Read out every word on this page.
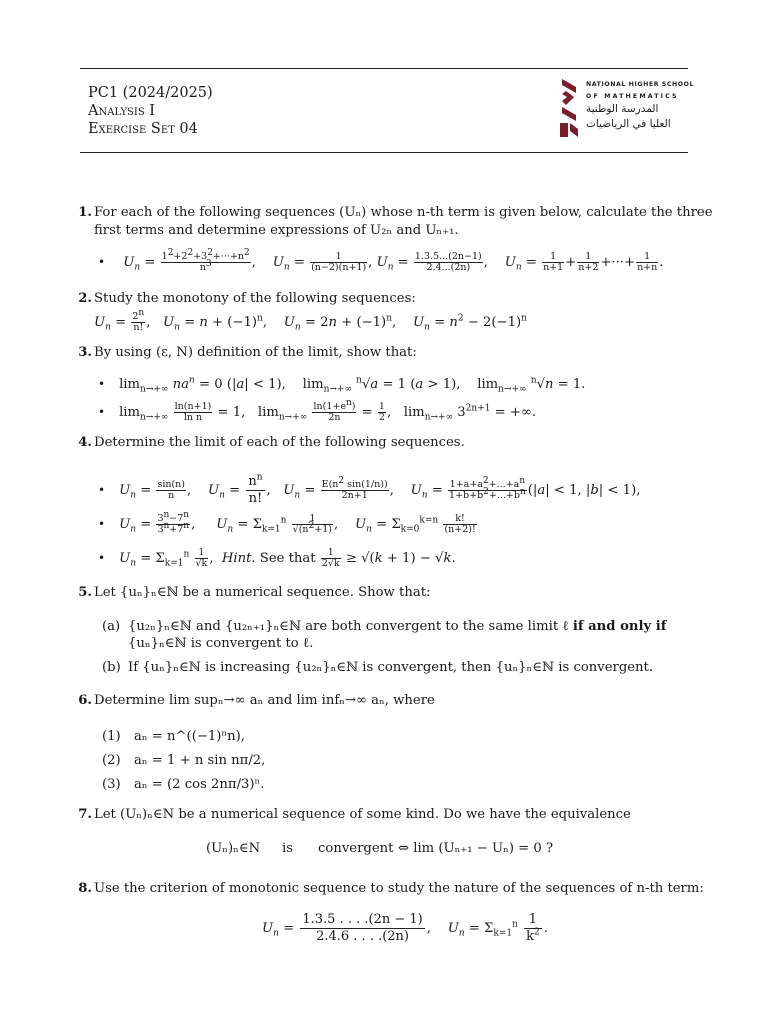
PC1 (2024/2025)
Analysis I
Exercise Set 04
NATIONAL HIGHER SCHOOL
OF MATHEMATICS
المدرسة الوطنية
العليا في الرياضيات
1. For each of the following sequences (Uₙ) whose n-th term is given below, calculate the three
first terms and determine expressions of U₂ₙ and Uₙ₊₁.
• $U_n = \frac{1^2+2^2+3^2+\cdot\cdot\cdot+n^2}{n^3}$ ,    $U_n = \frac{1}{(n-2)(n+1)}$ , $U_n = \frac{1.3.5...(2n-1)}{2.4...(2n)}$ ,    $U_n = \frac{1}{n+1} + \frac{1}{n+2}$ +···+ $\frac{1}{n+n}$ .
2. Study the monotony of the following sequences:
$U_n = \frac{2^n}{n!}$ ,   $U_n = n + (-1)^n$,    $U_n = 2n + (-1)^n$,    $U_n = n^2 - 2(-1)^n$
3. By using (ε, N) definition of the limit, show that:
• $\lim_{n\to+\infty} na^n = 0$ (|a| < 1),    $\lim_{n\to+\infty} ^n√a = 1$ (a > 1),    $\lim_{n\to+\infty} ^n√n = 1$.
• $\lim_{n\to+\infty} \frac{\ln(n+1)}{\text{ln n}} = 1$,   $\lim_{n\to+\infty} \frac{\ln(1+e^n)}{2n} = \frac{1}{2}$ ,   $\lim_{n\to+\infty} 3^{2n+1}$ = +∞.
4. Determine the limit of each of the following sequences.
• $U_n = \frac{\sin(n)}{n}$ ,    $U_n = \frac{n^n}{n!}$ ,   $U_n = \frac{E(n^2 \sin(1/n))}{2n+1}$ ,    $U_n = \frac{1+a+a^2+...+a^n}{1+b+b^2+...+b^n} (|a| < 1$, |b| < 1),
• $U_n = \frac{3^n-7^n}{3^n+7^n}$ ,     $U_n = \Sigma_{k=1}^n \frac{1}{√(n^2+1)}$ ,    $U_n = \Sigma_{k=0}^{k=n} \frac{k!}{(n+2)!}$
• $U_n = \Sigma_{k=1}^n \frac{1}{√k}$ ,  Hint. See that $\frac{1}{2√k} \ge √(k + 1) - √k$.
5. Let {uₙ}ₙ∈ℕ be a numerical sequence. Show that:
(a) {u₂ₙ}ₙ∈ℕ and {u₂ₙ₊₁}ₙ∈ℕ are both convergent to the same limit ℓ if and only if
{uₙ}ₙ∈ℕ is convergent to ℓ.
(b) If {uₙ}ₙ∈ℕ is increasing {u₂ₙ}ₙ∈ℕ is convergent, then {uₙ}ₙ∈ℕ is convergent.
6. Determine lim supₙ→∞ aₙ and lim infₙ→∞ aₙ, where
(1) aₙ = n^((−1)ⁿn),
(2) aₙ = 1 + n sin nπ/2,
(3) aₙ = (2 cos 2nπ/3)ⁿ.
7. Let (Uₙ)ₙ∈N be a numerical sequence of some kind. Do we have the equivalence
(Uₙ)ₙ∈N is convergent ⇔ lim (Uₙ₊₁ − Uₙ) = 0 ?
8. Use the criterion of monotonic sequence to study the nature of the sequences of n-th term:
$U_n = \frac{1.3.5 . . . .(2n - 1)}{2.4.6 . . . .(2n)}$ ,    $U_n = \Sigma_{k=1}^n \frac{1}{k^2}$ .
